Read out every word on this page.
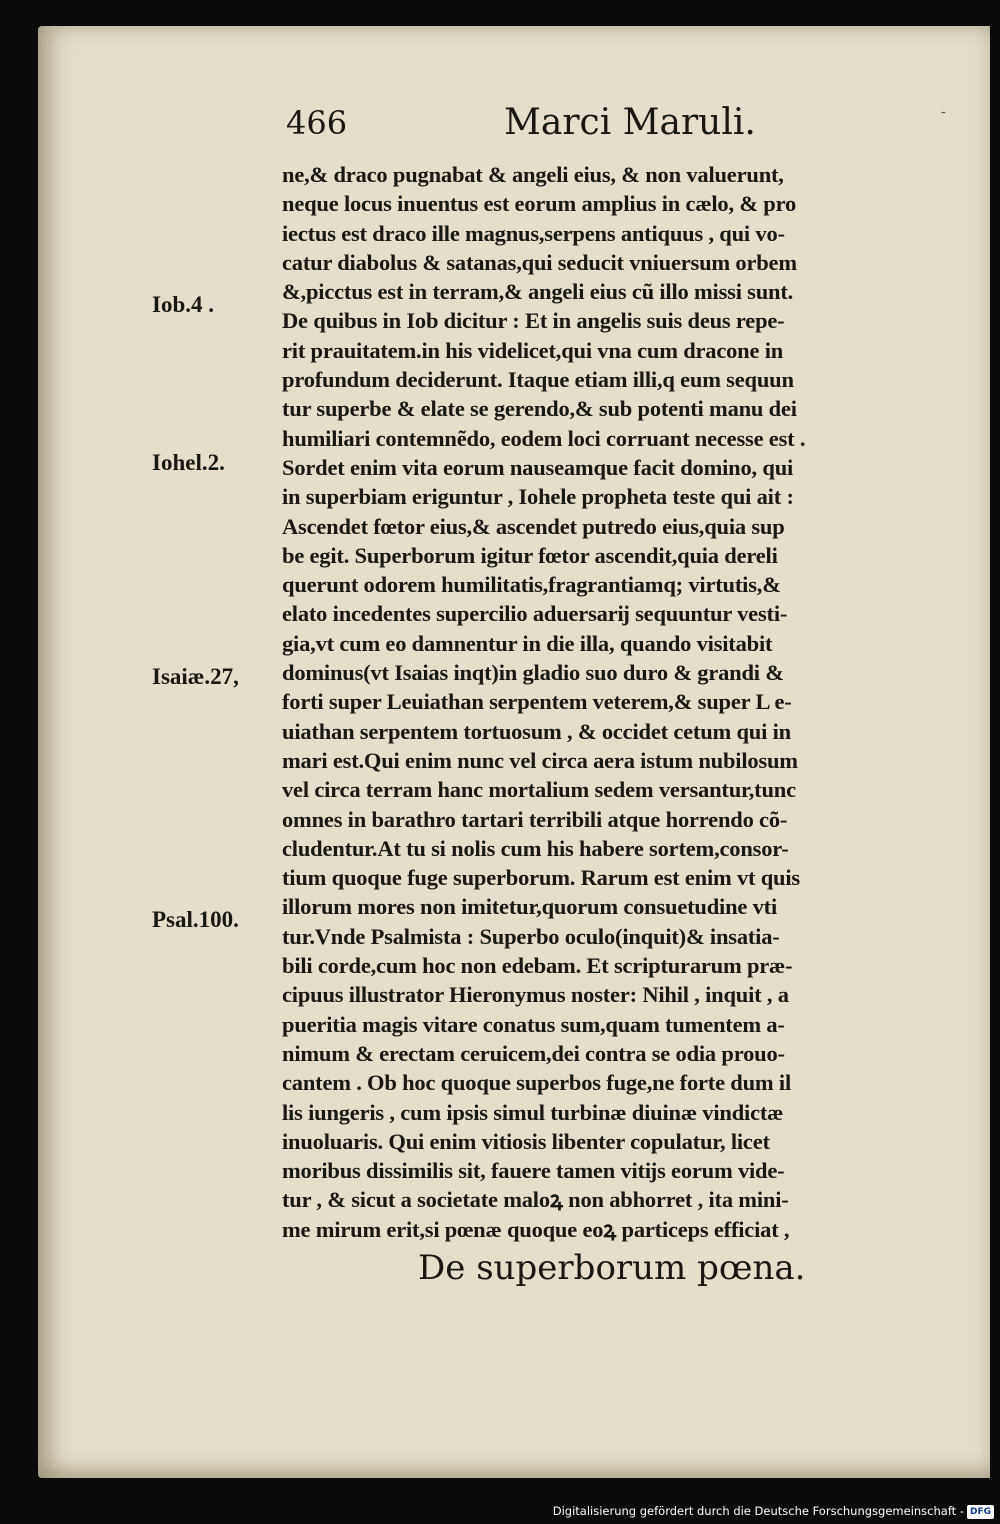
466	Marci Maruli.	-
Iob.4 .
Iohel.2.
Isaiæ.27,
Psal.100.
ne,& draco pugnabat & angeli eius, & non valuerunt,
neque locus inuentus est eorum amplius in cælo, & pro
iectus est draco ille magnus,serpens antiquus , qui vo-
catur diabolus & satanas,qui seducit vniuersum orbem
&,picctus est in terram,& angeli eius cũ illo missi sunt.
De quibus in Iob dicitur : Et in angelis suis deus repe-
rit prauitatem.in his videlicet,qui vna cum dracone in
profundum deciderunt. Itaque etiam illi,q eum sequun
tur superbe & elate se gerendo,& sub potenti manu dei
humiliari contemnẽdo, eodem loci corruant necesse est .
Sordet enim vita eorum nauseamque facit domino, qui
in superbiam eriguntur , Iohele propheta teste qui ait :
Ascendet fœtor eius,& ascendet putredo eius,quia sup
be egit. Superborum igitur fœtor ascendit,quia dereli
querunt odorem humilitatis,fragrantiamq; virtutis,&
elato incedentes supercilio aduersarĳ sequuntur vesti-
gia,vt cum eo damnentur in die illa, quando visitabit
dominus(vt Isaias inqt)in gladio suo duro & grandi &
forti super Leuiathan serpentem veterem,& super L e-
uiathan serpentem tortuosum , & occidet cetum qui in
mari est.Qui enim nunc vel circa aera istum nubilosum
vel circa terram hanc mortalium sedem versantur,tunc
omnes in barathro tartari terribili atque horrendo cõ-
cludentur.At tu si nolis cum his habere sortem,consor-
tium quoque fuge superborum. Rarum est enim vt quis
illorum mores non imitetur,quorum consuetudine vti
tur.Vnde Psalmista : Superbo oculo(inquit)& insatia-
bili corde,cum hoc non edebam. Et scripturarum præ-
cipuus illustrator Hieronymus noster: Nihil , inquit , a
pueritia magis vitare conatus sum,quam tumentem a-
nimum & erectam ceruicem,dei contra se odia prouo-
cantem . Ob hoc quoque superbos fuge,ne forte dum il
lis iungeris , cum ipsis simul turbinæ diuinæ vindictæ
inuoluaris. Qui enim vitiosis libenter copulatur, licet
moribus dissimilis sit, fauere tamen vitĳs eorum vide-
tur , & sicut a societate maloꝝ non abhorret , ita mini-
me mirum erit,si pœnæ quoque eoꝝ particeps efficiat ,
De superborum pœna.
Digitalisierung gefördert durch die Deutsche Forschungsgemeinschaft - DFG
